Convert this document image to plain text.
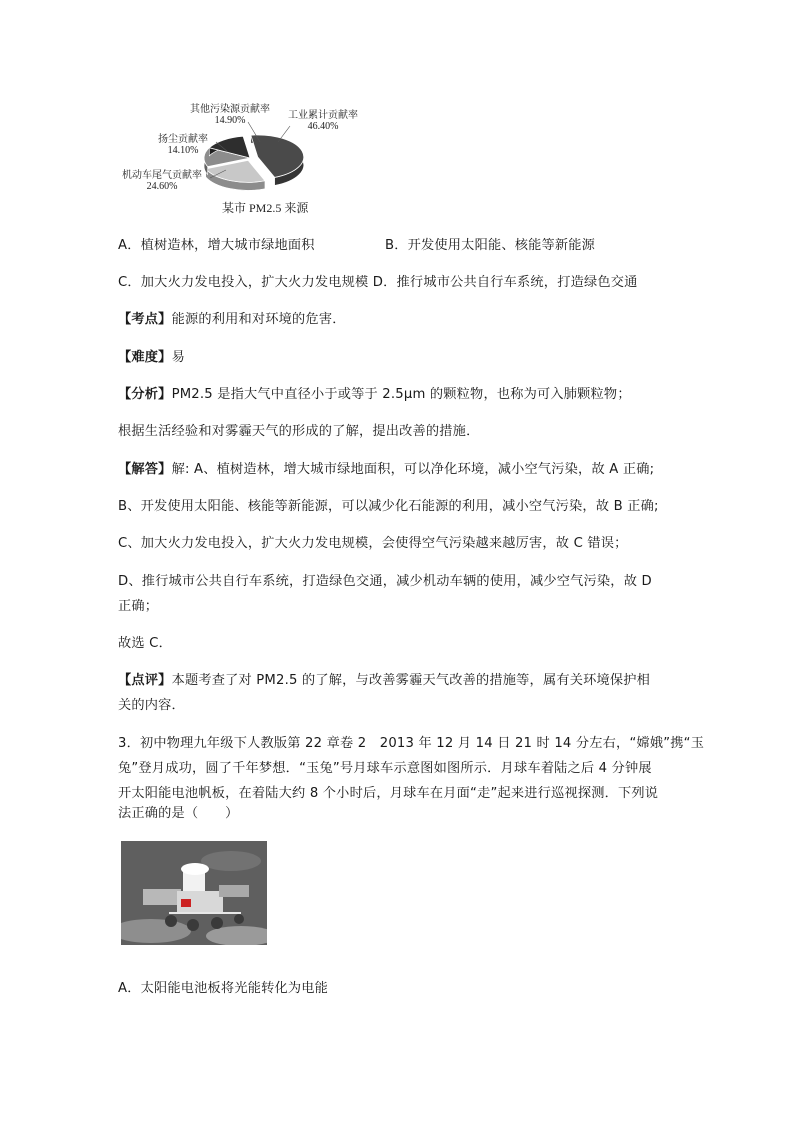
其他污染源贡献率
14.90%	工业累计贡献率
46.40%
扬尘贡献率
14.10%
机动车尾气贡献率
24.60%
某市 PM2.5 来源
A．植树造林，增大城市绿地面积	B．开发使用太阳能、核能等新能源
C．加大火力发电投入，扩大火力发电规模 D．推行城市公共自行车系统，打造绿色交通
【考点】能源的利用和对环境的危害．
【难度】易
【分析】PM2.5 是指大气中直径小于或等于 2.5μm 的颗粒物，也称为可入肺颗粒物；
根据生活经验和对雾霾天气的形成的了解，提出改善的措施．
【解答】解: A、植树造林，增大城市绿地面积，可以净化环境，减小空气污染，故 A 正确;
B、开发使用太阳能、核能等新能源，可以减少化石能源的利用，减小空气污染，故 B 正确;
C、加大火力发电投入，扩大火力发电规模，会使得空气污染越来越厉害，故 C 错误；
D、推行城市公共自行车系统，打造绿色交通，减少机动车辆的使用，减少空气污染，故 D
正确；
故选 C．
【点评】本题考查了对 PM2.5 的了解，与改善雾霾天气改善的措施等，属有关环境保护相
关的内容．
3．初中物理九年级下人教版第 22 章卷 2　2013 年 12 月 14 日 21 时 14 分左右，“嫦娥”携“玉
兔”登月成功，圆了千年梦想．“玉兔”号月球车示意图如图所示．月球车着陆之后 4 分钟展
开太阳能电池帆板，在着陆大约 8 个小时后，月球车在月面“走”起来进行巡视探测．下列说
法正确的是（　　）
A．太阳能电池板将光能转化为电能
